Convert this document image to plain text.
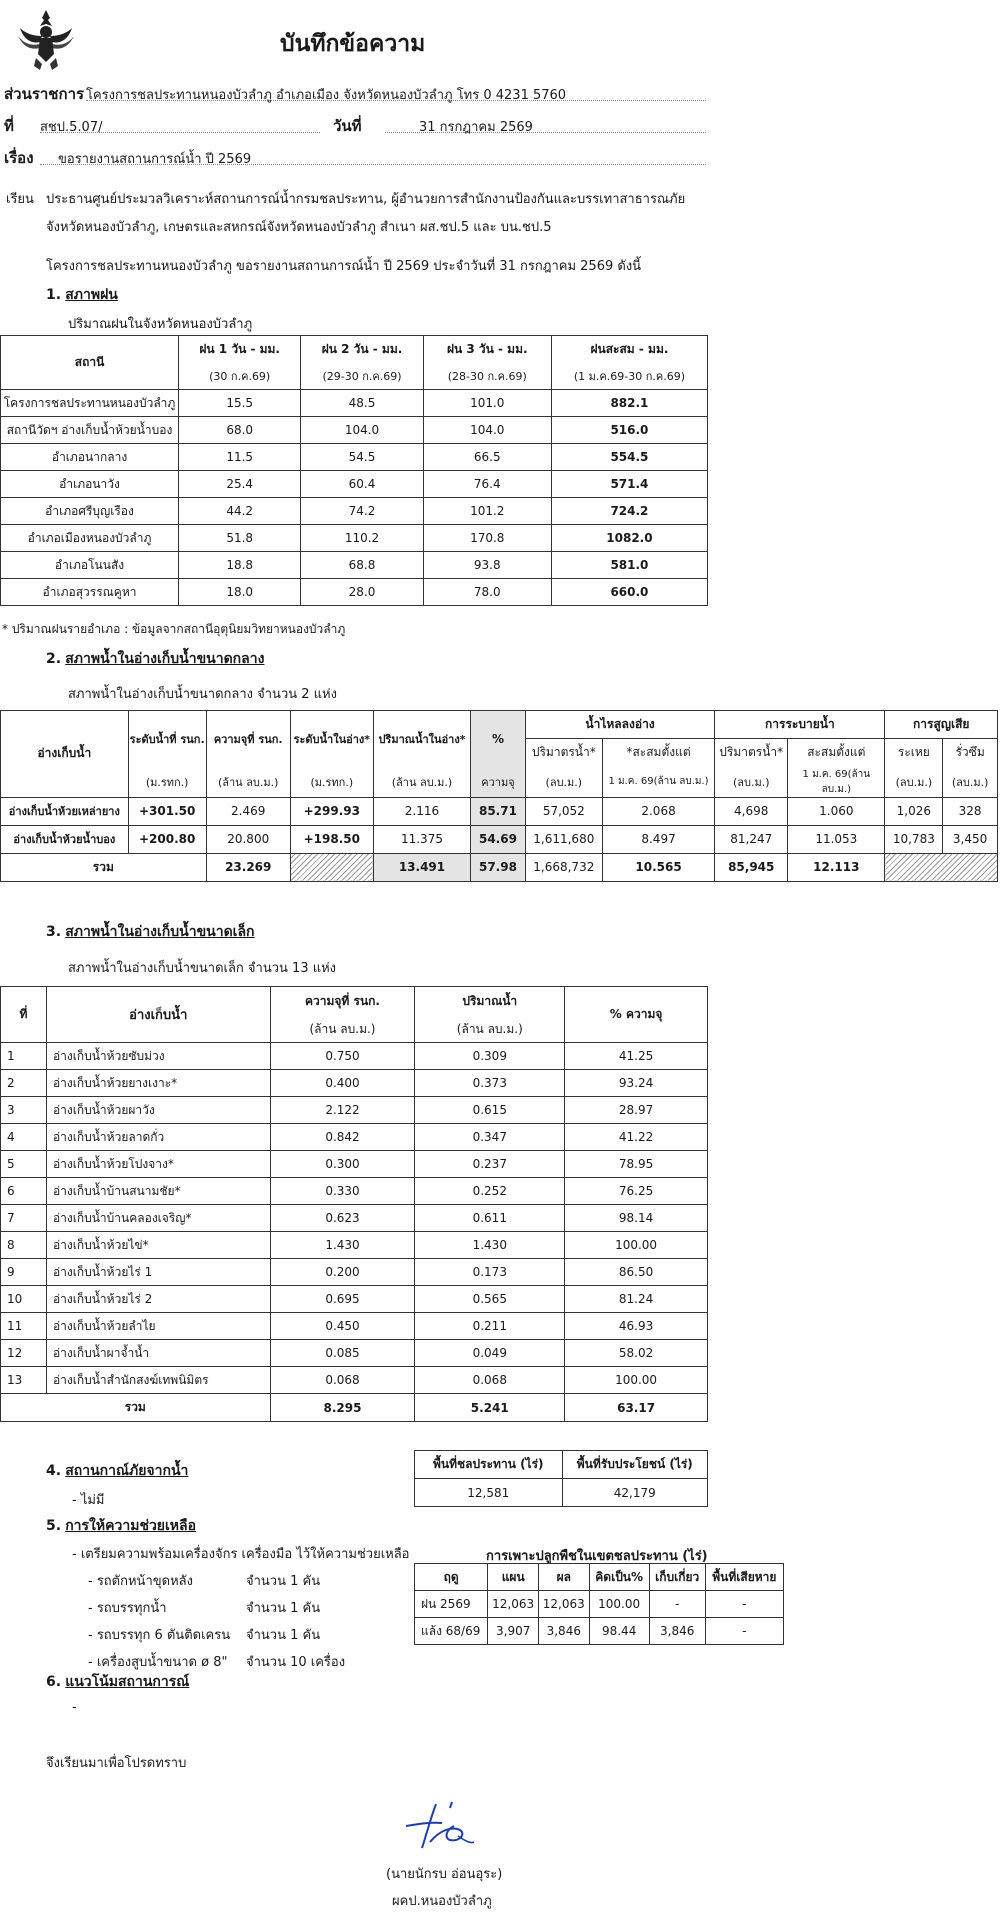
บันทึกข้อความ
ส่วนราชการ โครงการชลประทานหนองบัวลำภู อำเภอเมือง จังหวัดหนองบัวลำภู โทร 0 4231 5760
ที่ สชป.5.07/	วันที่	31 กรกฎาคม 2569
เรื่อง	ขอรายงานสถานการณ์น้ำ ปี 2569
เรียน ประธานศูนย์ประมวลวิเคราะห์สถานการณ์น้ำกรมชลประทาน, ผู้อำนวยการสำนักงานป้องกันและบรรเทาสาธารณภัย
จังหวัดหนองบัวลำภู, เกษตรและสหกรณ์จังหวัดหนองบัวลำภู สำเนา ผส.ชป.5 และ บน.ชป.5
โครงการชลประทานหนองบัวลำภู ขอรายงานสถานการณ์น้ำ ปี 2569 ประจำวันที่ 31 กรกฎาคม 2569 ดังนี้
1. สภาพฝน
ปริมาณฝนในจังหวัดหนองบัวลำภู
สถานี	ฝน 1 วัน - มม.	ฝน 2 วัน - มม.	ฝน 3 วัน - มม.	ฝนสะสม - มม.
	(30 ก.ค.69)	(29-30 ก.ค.69)	(28-30 ก.ค.69)	(1 ม.ค.69-30 ก.ค.69)
โครงการชลประทานหนองบัวลำภู	15.5	48.5	101.0	882.1
สถานีวัดฯ อ่างเก็บน้ำห้วยน้ำบอง	68.0	104.0	104.0	516.0
อำเภอนากลาง	11.5	54.5	66.5	554.5
อำเภอนาวัง	25.4	60.4	76.4	571.4
อำเภอศรีบุญเรือง	44.2	74.2	101.2	724.2
อำเภอเมืองหนองบัวลำภู	51.8	110.2	170.8	1082.0
อำเภอโนนสัง	18.8	68.8	93.8	581.0
อำเภอสุวรรณคูหา	18.0	28.0	78.0	660.0
* ปริมาณฝนรายอำเภอ : ข้อมูลจากสถานีอุตุนิยมวิทยาหนองบัวลำภู
2. สภาพน้ำในอ่างเก็บน้ำขนาดกลาง
สภาพน้ำในอ่างเก็บน้ำขนาดกลาง จำนวน 2 แห่ง
อ่างเก็บน้ำ	ระดับน้ำที่ รนก.	ความจุที่ รนก.	ระดับน้ำในอ่าง*	ปริมาณน้ำในอ่าง*	%	น้ำไหลลงอ่าง		การระบายน้ำ		การสูญเสีย	
						ปริมาตรน้ำ*	*สะสมตั้งแต่	ปริมาตรน้ำ*	สะสมตั้งแต่	ระเหย	รั่วซึม
	(ม.รทก.)	(ล้าน ลบ.ม.)	(ม.รทก.)	(ล้าน ลบ.ม.)	ความจุ	(ลบ.ม.)	1 ม.ค. 69(ล้าน ลบ.ม.)	(ลบ.ม.)	1 ม.ค. 69(ล้าน ลบ.ม.)	(ลบ.ม.)	(ลบ.ม.)
อ่างเก็บน้ำห้วยเหล่ายาง	+301.50	2.469	+299.93	2.116	85.71	57,052	2.068	4,698	1.060	1,026	328
อ่างเก็บน้ำห้วยน้ำบอง	+200.80	20.800	+198.50	11.375	54.69	1,611,680	8.497	81,247	11.053	10,783	3,450
รวม		23.269		13.491	57.98	1,668,732	10.565	85,945	12.113		
3. สภาพน้ำในอ่างเก็บน้ำขนาดเล็ก
สภาพน้ำในอ่างเก็บน้ำขนาดเล็ก จำนวน 13 แห่ง
ที่	อ่างเก็บน้ำ	ความจุที่ รนก.	ปริมาณน้ำ	% ความจุ
		(ล้าน ลบ.ม.)	(ล้าน ลบ.ม.)	
1	อ่างเก็บน้ำห้วยซับม่วง	0.750	0.309	41.25
2	อ่างเก็บน้ำห้วยยางเงาะ*	0.400	0.373	93.24
3	อ่างเก็บน้ำห้วยผาวัง	2.122	0.615	28.97
4	อ่างเก็บน้ำห้วยลาดกั่ว	0.842	0.347	41.22
5	อ่างเก็บน้ำห้วยโปงจาง*	0.300	0.237	78.95
6	อ่างเก็บน้ำบ้านสนามชัย*	0.330	0.252	76.25
7	อ่างเก็บน้ำบ้านคลองเจริญ*	0.623	0.611	98.14
8	อ่างเก็บน้ำห้วยไข่*	1.430	1.430	100.00
9	อ่างเก็บน้ำห้วยไร่ 1	0.200	0.173	86.50
10	อ่างเก็บน้ำห้วยไร่ 2	0.695	0.565	81.24
11	อ่างเก็บน้ำห้วยลำไย	0.450	0.211	46.93
12	อ่างเก็บน้ำผาจ้ำน้ำ	0.085	0.049	58.02
13	อ่างเก็บน้ำสำนักสงฆ์เทพนิมิตร	0.068	0.068	100.00
รวม		8.295	5.241	63.17
4. สถานกาณ์ภัยจากน้ำ
- ไม่มี
พื้นที่ชลประทาน (ไร่)	พื้นที่รับประโยชน์ (ไร่)
12,581	42,179
5. การให้ความช่วยเหลือ
- เตรียมความพร้อมเครื่องจักร เครื่องมือ ไว้ให้ความช่วยเหลือ
- รถตักหน้าขุดหลัง	จำนวน 1 คัน
- รถบรรทุกน้ำ	จำนวน 1 คัน
- รถบรรทุก 6 ตันติดเครน จำนวน 1 คัน
- เครื่องสูบน้ำขนาด ø 8" จำนวน 10 เครื่อง
การเพาะปลูกพืชในเขตชลประทาน (ไร่)
ฤดู	แผน	ผล	คิดเป็น%	เก็บเกี่ยว	พื้นที่เสียหาย
ฝน 2569	12,063	12,063	100.00	-	-
แล้ง 68/69	3,907	3,846	98.44	3,846	-
6. แนวโน้มสถานการณ์
-
จึงเรียนมาเพื่อโปรดทราบ
(นายนักรบ อ่อนอุระ)
ผคป.หนองบัวลำภู
